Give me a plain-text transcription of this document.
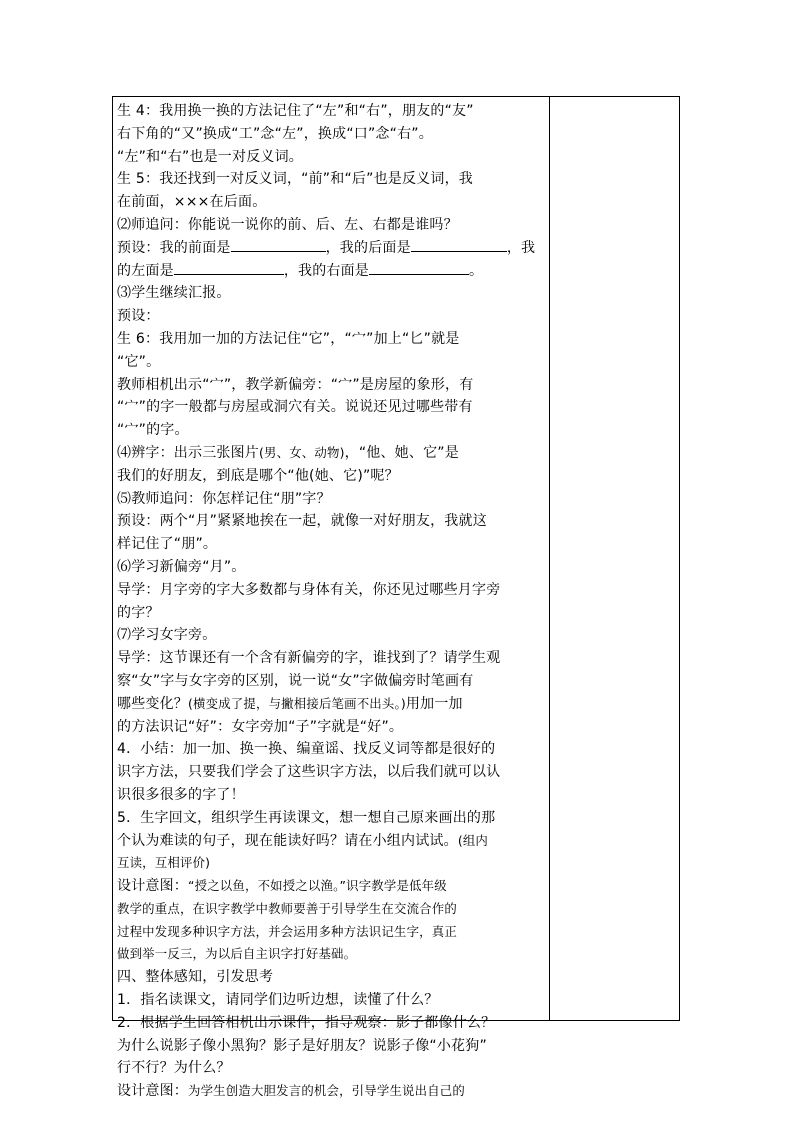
生 4：我用换一换的方法记住了“左”和“右”，朋友的“友”
右下角的“又”换成“工”念“左”，换成“口”念“右”。
“左”和“右”也是一对反义词。
生 5：我还找到一对反义词，“前”和“后”也是反义词，我
在前面，×××在后面。
⑵师追问：你能说一说你的前、后、左、右都是谁吗？
预设：我的前面是	，我的后面是	，我
的左面是	，我的右面是	。
⑶学生继续汇报。
预设：
生 6：我用加一加的方法记住“它”，“宀”加上“匕”就是
“它”。
教师相机出示“宀”，教学新偏旁：“宀”是房屋的象形，有
“宀”的字一般都与房屋或洞穴有关。说说还见过哪些带有
“宀”的字。
⑷辨字：出示三张图片(男、女、动物)，“他、她、它”是
我们的好朋友，到底是哪个“他(她、它)”呢？
⑸教师追问：你怎样记住“朋”字？
预设：两个“月”紧紧地挨在一起，就像一对好朋友，我就这
样记住了“朋”。
⑹学习新偏旁“月”。
导学：月字旁的字大多数都与身体有关，你还见过哪些月字旁
的字？
⑺学习女字旁。
导学：这节课还有一个含有新偏旁的字，谁找到了？请学生观
察“女”字与女字旁的区别，说一说“女”字做偏旁时笔画有
哪些变化？(横变成了提，与撇相接后笔画不出头。)用加一加
的方法识记“好”：女字旁加“子”字就是“好”。
4．小结：加一加、换一换、编童谣、找反义词等都是很好的
识字方法，只要我们学会了这些识字方法，以后我们就可以认
识很多很多的字了！
5．生字回文，组织学生再读课文，想一想自己原来画出的那
个认为难读的句子，现在能读好吗？请在小组内试试。(组内
互读，互相评价)
设计意图：“授之以鱼，不如授之以渔。”识字教学是低年级
教学的重点，在识字教学中教师要善于引导学生在交流合作的
过程中发现多种识字方法，并会运用多种方法识记生字，真正
做到举一反三，为以后自主识字打好基础。
四、整体感知，引发思考
1．指名读课文，请同学们边听边想，读懂了什么？
2．根据学生回答相机出示课件，指导观察：影子都像什么？
为什么说影子像小黑狗？影子是好朋友？说影子像“小花狗”
行不行？为什么？
设计意图：为学生创造大胆发言的机会，引导学生说出自己的
